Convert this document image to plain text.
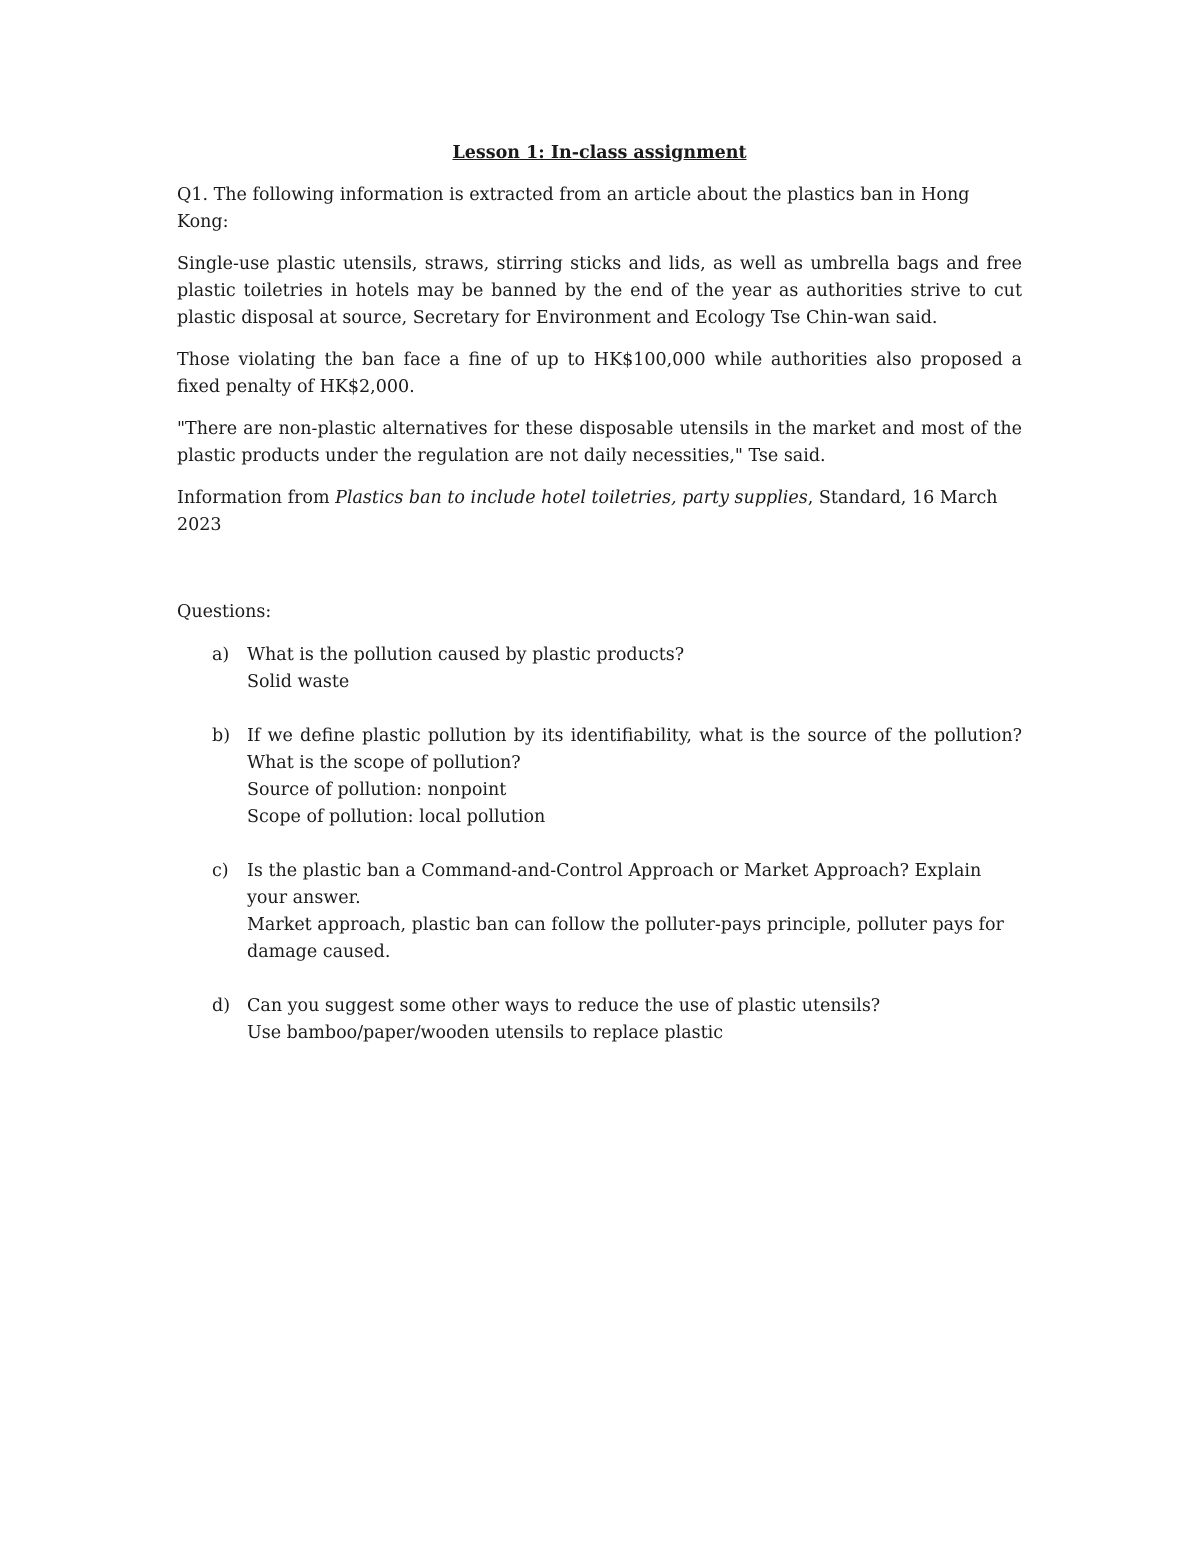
Lesson 1: In-class assignment

Q1. The following information is extracted from an article about the plastics ban in Hong Kong:

Single-use plastic utensils, straws, stirring sticks and lids, as well as umbrella bags and free plastic toiletries in hotels may be banned by the end of the year as authorities strive to cut plastic disposal at source, Secretary for Environment and Ecology Tse Chin-wan said.

Those violating the ban face a fine of up to HK$100,000 while authorities also proposed a fixed penalty of HK$2,000.

"There are non-plastic alternatives for these disposable utensils in the market and most of the plastic products under the regulation are not daily necessities," Tse said.

Information from Plastics ban to include hotel toiletries, party supplies, Standard, 16 March 2023

Questions:

a) What is the pollution caused by plastic products?
Solid waste
b) If we define plastic pollution by its identifiability, what is the source of the pollution? What is the scope of pollution?
Source of pollution: nonpoint
Scope of pollution: local pollution
c) Is the plastic ban a Command-and-Control Approach or Market Approach? Explain your answer.
Market approach, plastic ban can follow the polluter-pays principle, polluter pays for damage caused.
d) Can you suggest some other ways to reduce the use of plastic utensils?
Use bamboo/paper/wooden utensils to replace plastic
